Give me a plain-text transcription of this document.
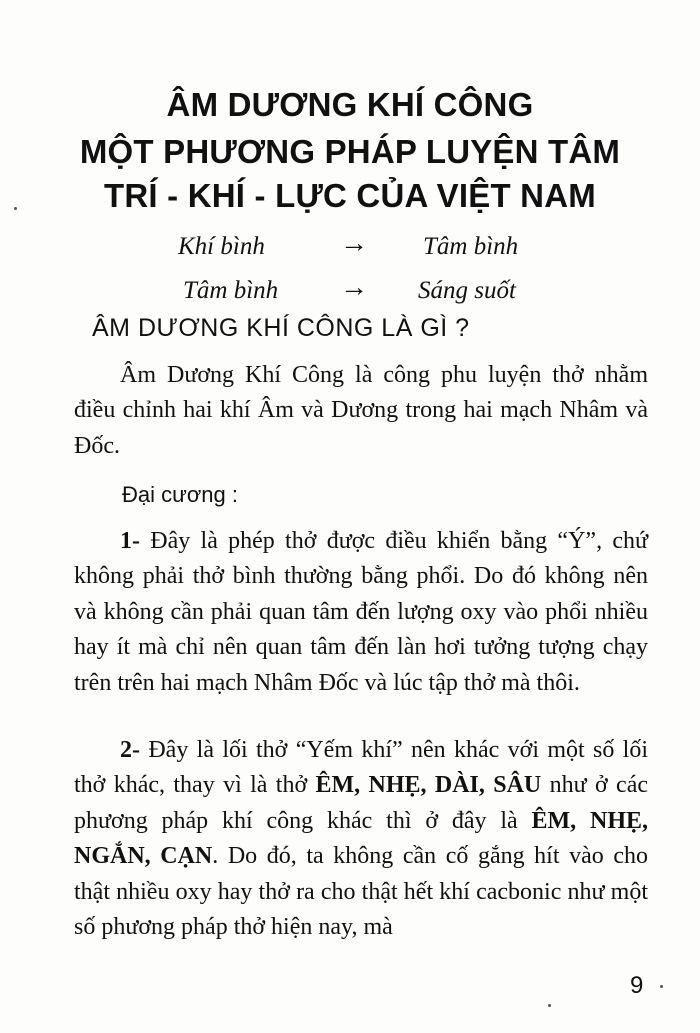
ÂM DƯƠNG KHÍ CÔNG
MỘT PHƯƠNG PHÁP LUYỆN TÂM
TRÍ - KHÍ - LỰC CỦA VIỆT NAM
Khí bình	→ Tâm bình
Tâm bình → Sáng suốt
ÂM DƯƠNG KHÍ CÔNG LÀ GÌ ?

Âm Dương Khí Công là công phu luyện thở nhằm điều chỉnh hai khí Âm và Dương trong hai mạch Nhâm và Đốc.

Đại cương :

1- Đây là phép thở được điều khiển bằng “Ý”, chứ không phải thở bình thường bằng phổi. Do đó không nên và không cần phải quan tâm đến lượng oxy vào phổi nhiều hay ít mà chỉ nên quan tâm đến làn hơi tưởng tượng chạy trên trên hai mạch Nhâm Đốc và lúc tập thở mà thôi.

2- Đây là lối thở “Yếm khí” nên khác với một số lối thở khác, thay vì là thở ÊM, NHẸ, DÀI, SÂU như ở các phương pháp khí công khác thì ở đây là ÊM, NHẸ, NGẮN, CẠN. Do đó, ta không cần cố gắng hít vào cho thật nhiều oxy hay thở ra cho thật hết khí cacbonic như một số phương pháp thở hiện nay, mà

9
